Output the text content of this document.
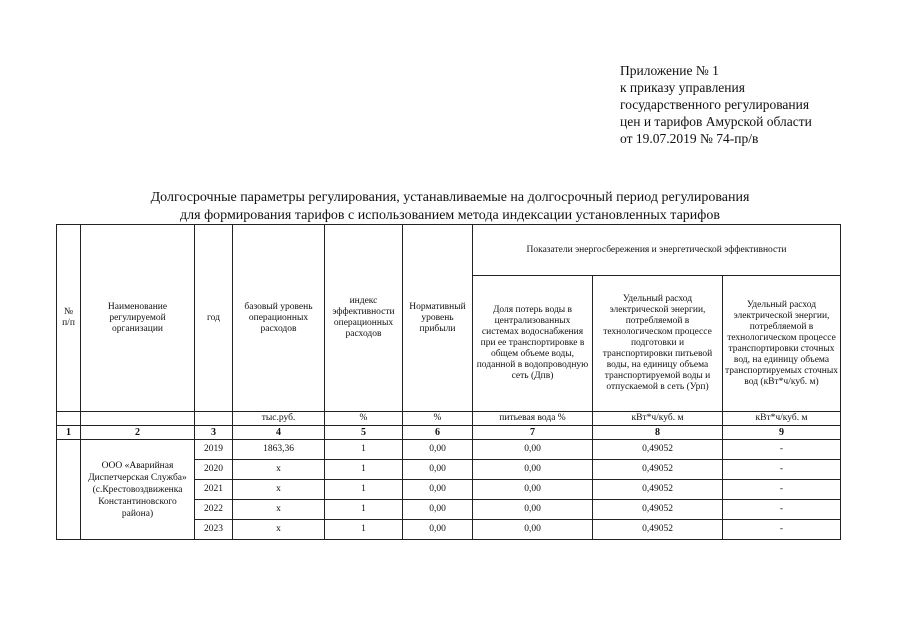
Приложение № 1
к приказу управления
государственного регулирования
цен и тарифов Амурской области
от 19.07.2019 № 74-пр/в
Долгосрочные параметры регулирования, устанавливаемые на долгосрочный период регулирования
для формирования тарифов с использованием метода индексации установленных тарифов
№ п/п	Наименование регулируемой организации	год	базовый уровень операционных расходов	индекс эффективности операционных расходов	Нормативный уровень прибыли	Показатели энергосбережения и энергетической эффективности		
						Доля потерь воды в централизованных системах водоснабжения при ее транспортировке в общем объеме воды, поданной в водопроводную сеть (Дпв)	Удельный расход электрической энергии, потребляемой в технологическом процессе подготовки и транспортировки питьевой воды, на единицу объема транспортируемой воды и отпускаемой в сеть (Урп)	Удельный расход электрической энергии, потребляемой в технологическом процессе транспортировки сточных вод, на единицу объема транспортируемых сточных вод (кВт*ч/куб. м)
			тыс.руб.	%	%	питьевая вода %	кВт*ч/куб. м	кВт*ч/куб. м
1	2	3	4	5	6	7	8	9
	ООО «Аварийная Диспетчерская Служба» (с.Крестовоздвиженка Константиновского района)	2019	1863,36	1	0,00	0,00	0,49052	-
		2020	x	1	0,00	0,00	0,49052	-
		2021	x	1	0,00	0,00	0,49052	-
		2022	x	1	0,00	0,00	0,49052	-
		2023	x	1	0,00	0,00	0,49052	-
